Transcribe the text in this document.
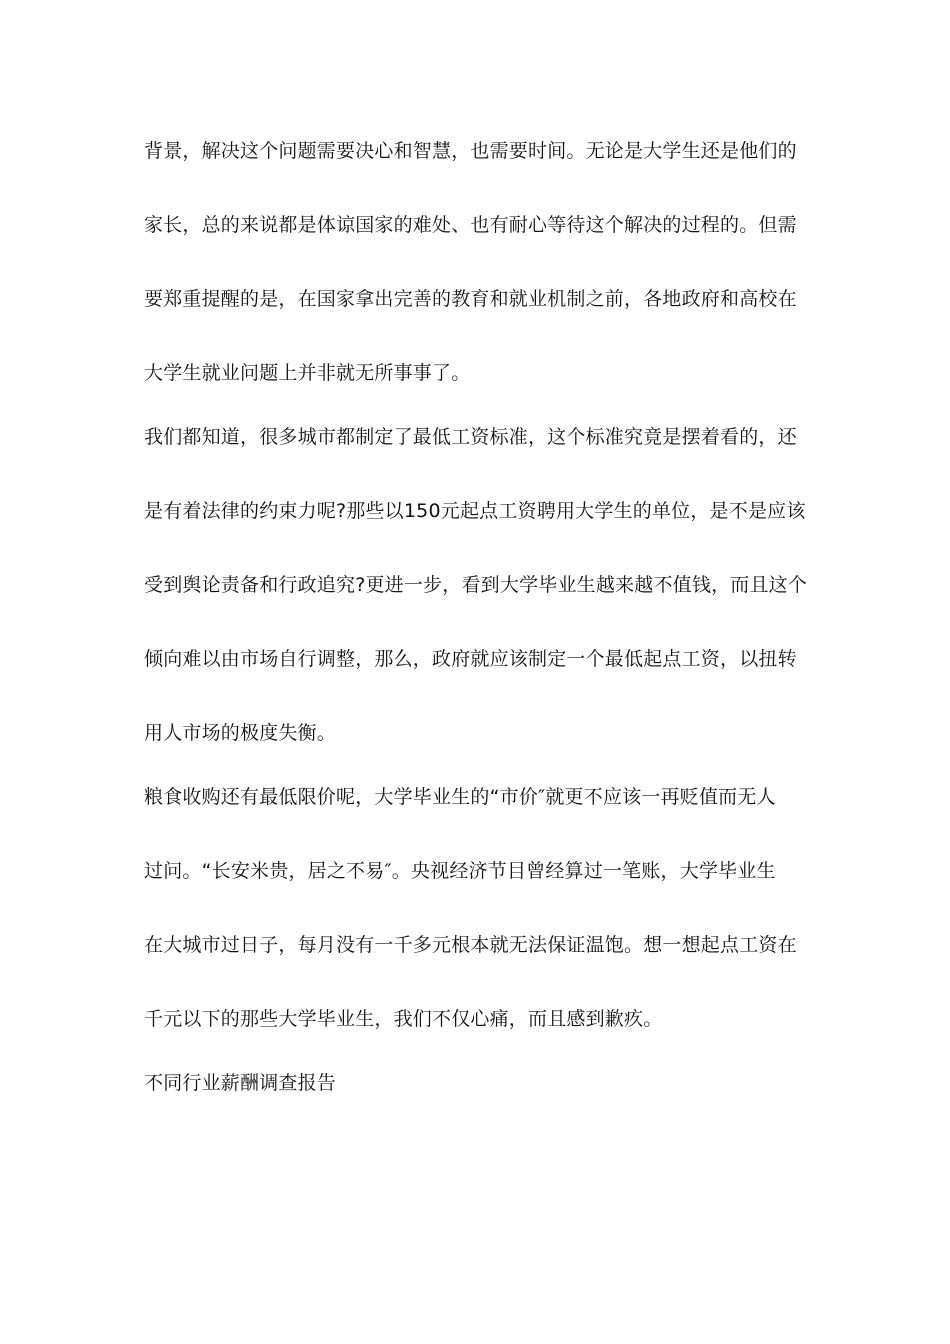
背景，解决这个问题需要决心和智慧，也需要时间。无论是大学生还是他们的
家长，总的来说都是体谅国家的难处、也有耐心等待这个解决的过程的。但需
要郑重提醒的是，在国家拿出完善的教育和就业机制之前，各地政府和高校在
大学生就业问题上并非就无所事事了。
我们都知道，很多城市都制定了最低工资标准，这个标准究竟是摆着看的，还
是有着法律的约束力呢?那些以150元起点工资聘用大学生的单位，是不是应该
受到舆论责备和行政追究?更进一步，看到大学毕业生越来越不值钱，而且这个
倾向难以由市场自行调整，那么，政府就应该制定一个最低起点工资，以扭转
用人市场的极度失衡。
粮食收购还有最低限价呢，大学毕业生的“市价″就更不应该一再贬值而无人
过问。“长安米贵，居之不易″。央视经济节目曾经算过一笔账，大学毕业生
在大城市过日子，每月没有一千多元根本就无法保证温饱。想一想起点工资在
千元以下的那些大学毕业生，我们不仅心痛，而且感到歉疚。
不同行业薪酬调查报告
